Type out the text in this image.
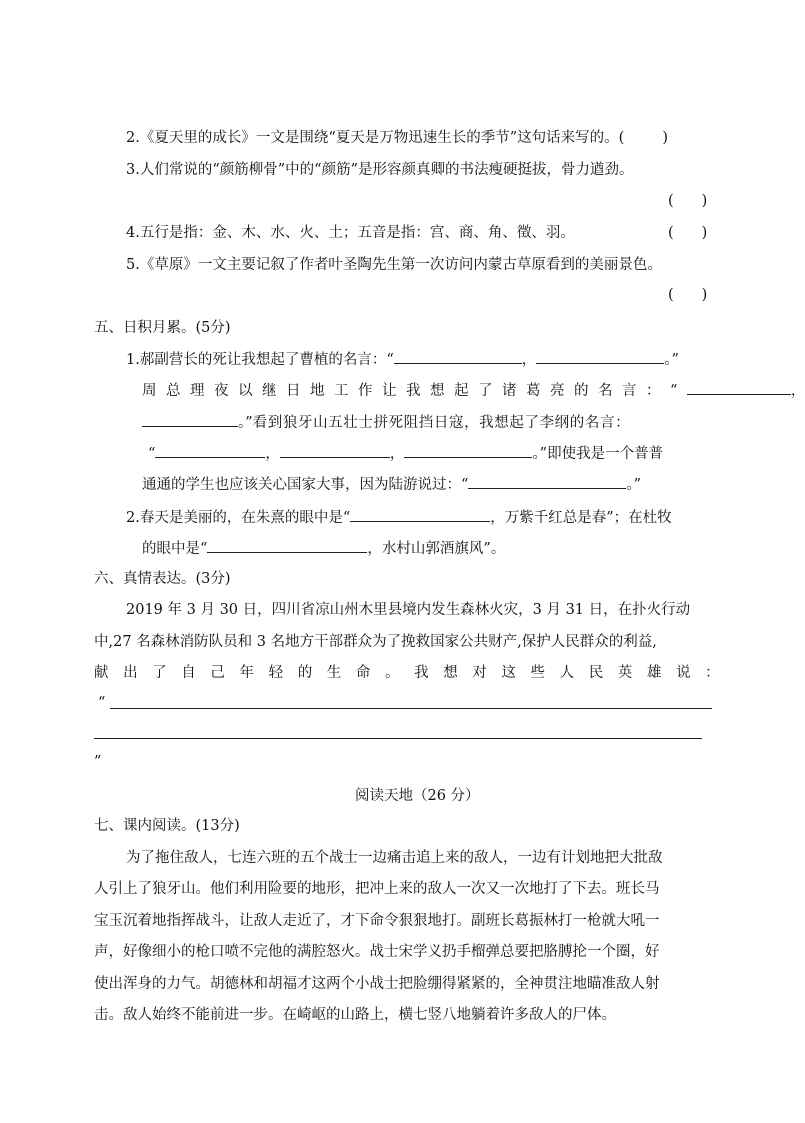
2.《夏天里的成长》一文是围绕“夏天是万物迅速生长的季节”这句话来写的。(	)
3.人们常说的“颜筋柳骨”中的“颜筋”是形容颜真卿的书法瘦硬挺拔，骨力遒劲。
( )
4.五行是指：金、木、水、火、土；五音是指：宫、商、角、徵、羽。	( )
5.《草原》一文主要记叙了作者叶圣陶先生第一次访问内蒙古草原看到的美丽景色。
( )
五、日积月累。(5分)
1.郝副营长的死让我想起了曹植的名言：“	，	。”
周总理夜以继日地工作让我想起了诸葛亮的名言：“	，
。”看到狼牙山五壮士拼死阻挡日寇，我想起了李纲的名言：
“	，	，	。”即使我是一个普普
通通的学生也应该关心国家大事，因为陆游说过：“	。”
2.春天是美丽的，在朱熹的眼中是“	，万紫千红总是春”；在杜牧
的眼中是“	，水村山郭酒旗风”。
六、真情表达。(3分)
2019 年 3 月 30 日，四川省凉山州木里县境内发生森林火灾，3 月 31 日，在扑火行动
中,27 名森林消防队员和 3 名地方干部群众为了挽救国家公共财产,保护人民群众的利益,
献出了自己年轻的生命。我想对这些人民英雄说：
“
”
阅读天地（26 分）
七、课内阅读。(13分)
为了拖住敌人，七连六班的五个战士一边痛击追上来的敌人，一边有计划地把大批敌
人引上了狼牙山。他们利用险要的地形，把冲上来的敌人一次又一次地打了下去。班长马
宝玉沉着地指挥战斗，让敌人走近了，才下命令狠狠地打。副班长葛振林打一枪就大吼一
声，好像细小的枪口喷不完他的满腔怒火。战士宋学义扔手榴弹总要把胳膊抡一个圈，好
使出浑身的力气。胡德林和胡福才这两个小战士把脸绷得紧紧的，全神贯注地瞄准敌人射
击。敌人始终不能前进一步。在崎岖的山路上，横七竖八地躺着许多敌人的尸体。
